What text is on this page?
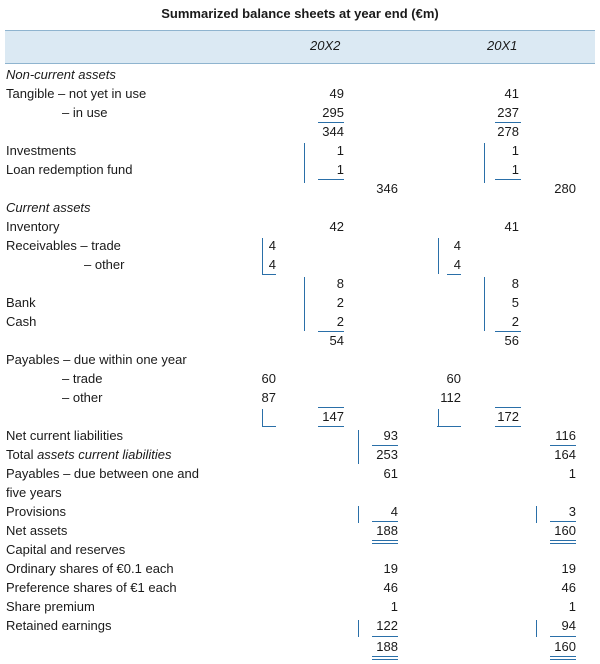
Summarized balance sheets at year end (€m)
20X2	20X1
Non-current assets
Tangible – not yet in use	49	41
– in use	295	237
344	278
Investments	1	1
Loan redemption fund	1	1
346	280
Current assets
Inventory	42	41
Receivables – trade	4	4
– other	4	4
8	8
Bank	2	5
Cash	2	2
54	56
Payables – due within one year
– trade	60	60
– other	87	112
147	172
Net current liabilities	93	116
Total assets current liabilities	253	164
Payables – due between one and	61	1
five years
Provisions	4	3
Net assets	188	160
Capital and reserves
Ordinary shares of €0.1 each	19	19
Preference shares of €1 each	46	46
Share premium	1	1
Retained earnings	122	94
188	160
